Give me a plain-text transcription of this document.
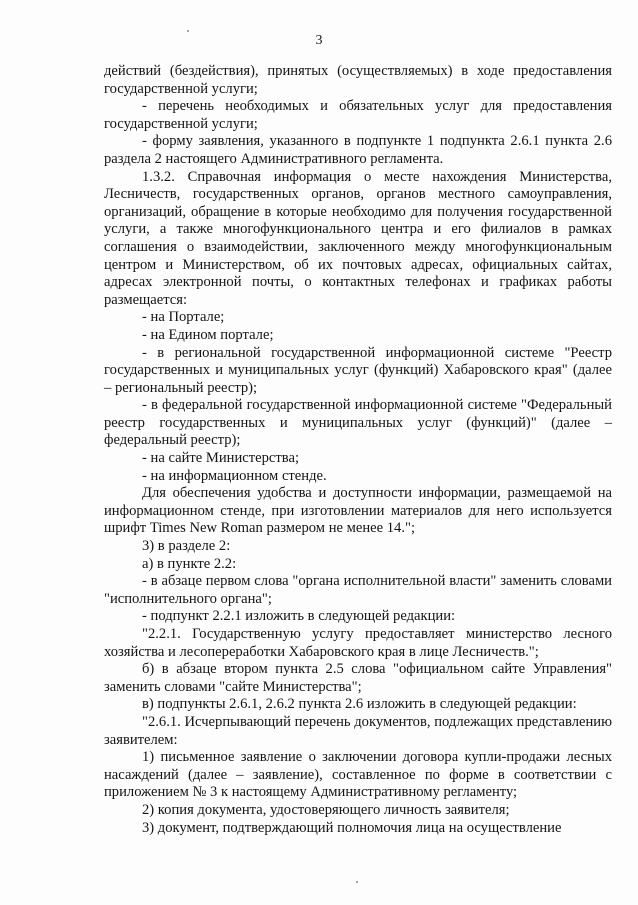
3

действий (бездействия), принятых (осуществляемых) в ходе предоставления государственной услуги;

- перечень необходимых и обязательных услуг для предоставления государственной услуги;

- форму заявления, указанного в подпункте 1 подпункта 2.6.1 пункта 2.6 раздела 2 настоящего Административного регламента.

1.3.2. Справочная информация о месте нахождения Министерства, Лесничеств, государственных органов, органов местного самоуправления, организаций, обращение в которые необходимо для получения государственной услуги, а также многофункционального центра и его филиалов в рамках соглашения о взаимодействии, заключенного между многофункциональным центром и Министерством, об их почтовых адресах, официальных сайтах, адресах электронной почты, о контактных телефонах и графиках работы размещается:

- на Портале;

- на Едином портале;

- в региональной государственной информационной системе "Реестр государственных и муниципальных услуг (функций) Хабаровского края" (далее – региональный реестр);

- в федеральной государственной информационной системе "Федеральный реестр государственных и муниципальных услуг (функций)" (далее – федеральный реестр);

- на сайте Министерства;

- на информационном стенде.

Для обеспечения удобства и доступности информации, размещаемой на информационном стенде, при изготовлении материалов для него используется шрифт Times New Roman размером не менее 14.";

3) в разделе 2:

а) в пункте 2.2:

- в абзаце первом слова "органа исполнительной власти" заменить словами "исполнительного органа";

- подпункт 2.2.1 изложить в следующей редакции:

"2.2.1. Государственную услугу предоставляет министерство лесного хозяйства и лесопереработки Хабаровского края в лице Лесничеств.";

б) в абзаце втором пункта 2.5 слова "официальном сайте Управления" заменить словами "сайте Министерства";

в) подпункты 2.6.1, 2.6.2 пункта 2.6 изложить в следующей редакции:

"2.6.1. Исчерпывающий перечень документов, подлежащих представлению заявителем:

1) письменное заявление о заключении договора купли-продажи лесных насаждений (далее – заявление), составленное по форме в соответствии с приложением № 3 к настоящему Административному регламенту;

2) копия документа, удостоверяющего личность заявителя;

3) документ, подтверждающий полномочия лица на осуществление
